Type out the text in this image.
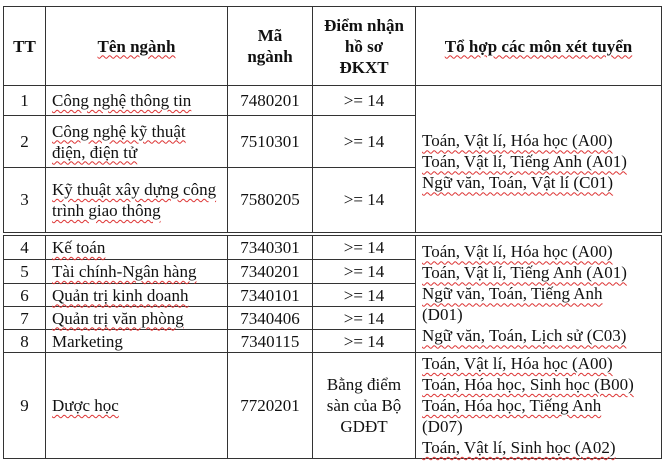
TT	Tên ngành	Mã ngành	Điểm nhận hồ sơ ĐKXT	Tổ hợp các môn xét tuyển
1	Công nghệ thông tin	7480201	>= 14	Toán, Vật lí, Hóa học (A00)
Toán, Vật lí, Tiếng Anh (A01)
Ngữ văn, Toán, Vật lí (C01)

2	Công nghệ kỹ thuật điện, điện tử	7510301	>= 14	
3	Kỹ thuật xây dựng công trình giao thông	7580205	>= 14	
4	Kế toán	7340301	>= 14	Toán, Vật lí, Hóa học (A00)
Toán, Vật lí, Tiếng Anh (A01)
Ngữ văn, Toán, Tiếng Anh
(D01)
Ngữ văn, Toán, Lịch sử (C03)

5	Tài chính-Ngân hàng	7340201	>= 14	
6	Quản trị kinh doanh	7340101	>= 14	
7	Quản trị văn phòng	7340406	>= 14	
8	Marketing	7340115	>= 14	
9	Dược học	7720201	Bằng điểm sàn của Bộ GDĐT	Toán, Vật lí, Hóa học (A00)
Toán, Hóa học, Sinh học (B00)
Toán, Hóa học, Tiếng Anh
(D07)
Toán, Vật lí, Sinh học (A02)
